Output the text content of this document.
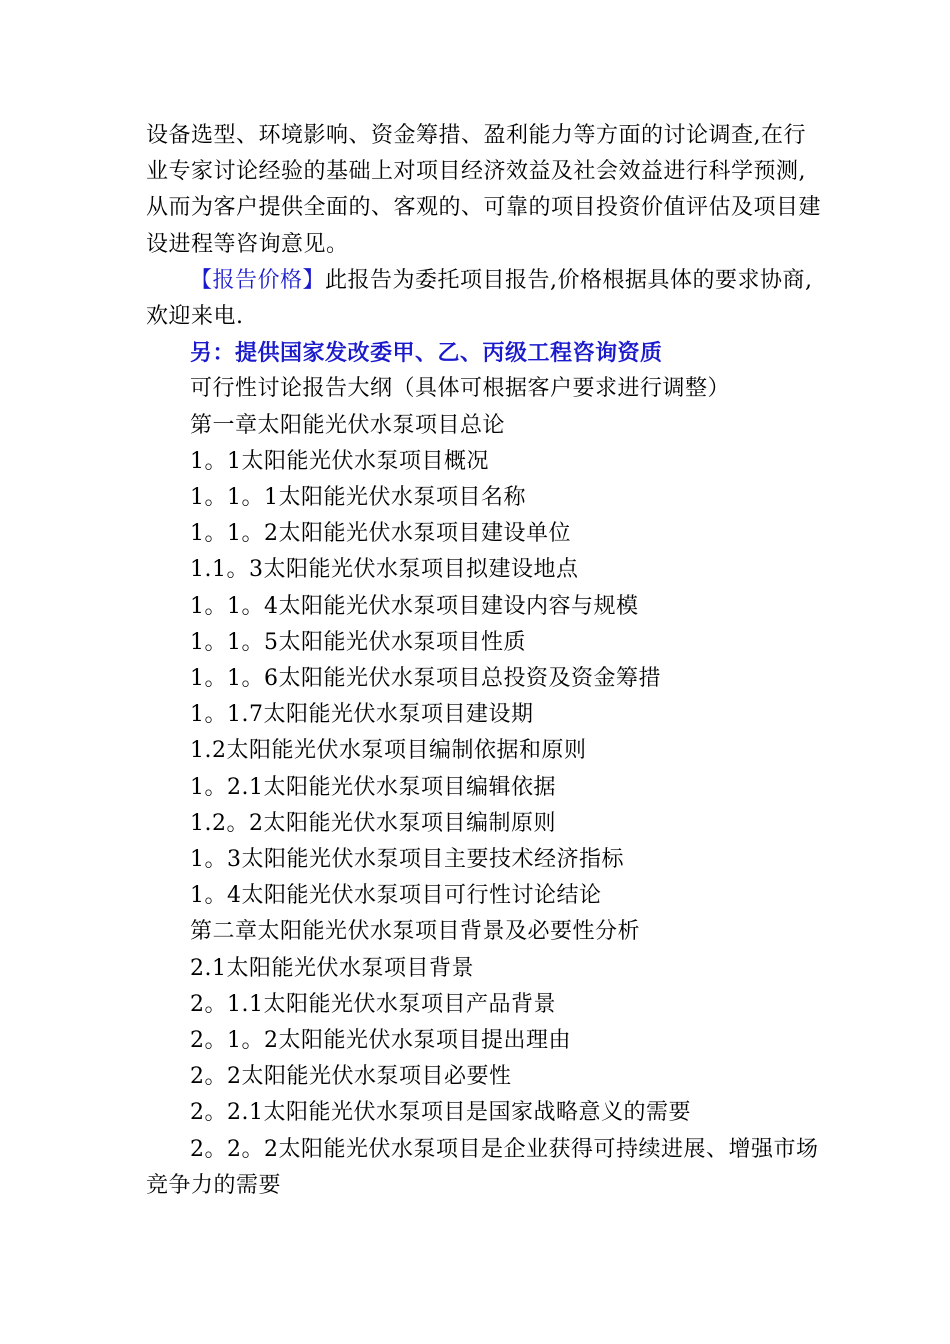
设备选型、环境影响、资金筹措、盈利能力等方面的讨论调查,在行业专家讨论经验的基础上对项目经济效益及社会效益进行科学预测,从而为客户提供全面的、客观的、可靠的项目投资价值评估及项目建设进程等咨询意见。

【报告价格】此报告为委托项目报告,价格根据具体的要求协商,欢迎来电.

另：提供国家发改委甲、乙、丙级工程咨询资质

可行性讨论报告大纲（具体可根据客户要求进行调整）

第一章太阳能光伏水泵项目总论

1。1太阳能光伏水泵项目概况

1。1。1太阳能光伏水泵项目名称

1。1。2太阳能光伏水泵项目建设单位

1.1。3太阳能光伏水泵项目拟建设地点

1。1。4太阳能光伏水泵项目建设内容与规模

1。1。5太阳能光伏水泵项目性质

1。1。6太阳能光伏水泵项目总投资及资金筹措

1。1.7太阳能光伏水泵项目建设期

1.2太阳能光伏水泵项目编制依据和原则

1。2.1太阳能光伏水泵项目编辑依据

1.2。2太阳能光伏水泵项目编制原则

1。3太阳能光伏水泵项目主要技术经济指标

1。4太阳能光伏水泵项目可行性讨论结论

第二章太阳能光伏水泵项目背景及必要性分析

2.1太阳能光伏水泵项目背景

2。1.1太阳能光伏水泵项目产品背景

2。1。2太阳能光伏水泵项目提出理由

2。2太阳能光伏水泵项目必要性

2。2.1太阳能光伏水泵项目是国家战略意义的需要

2。2。2太阳能光伏水泵项目是企业获得可持续进展、增强市场竞争力的需要
